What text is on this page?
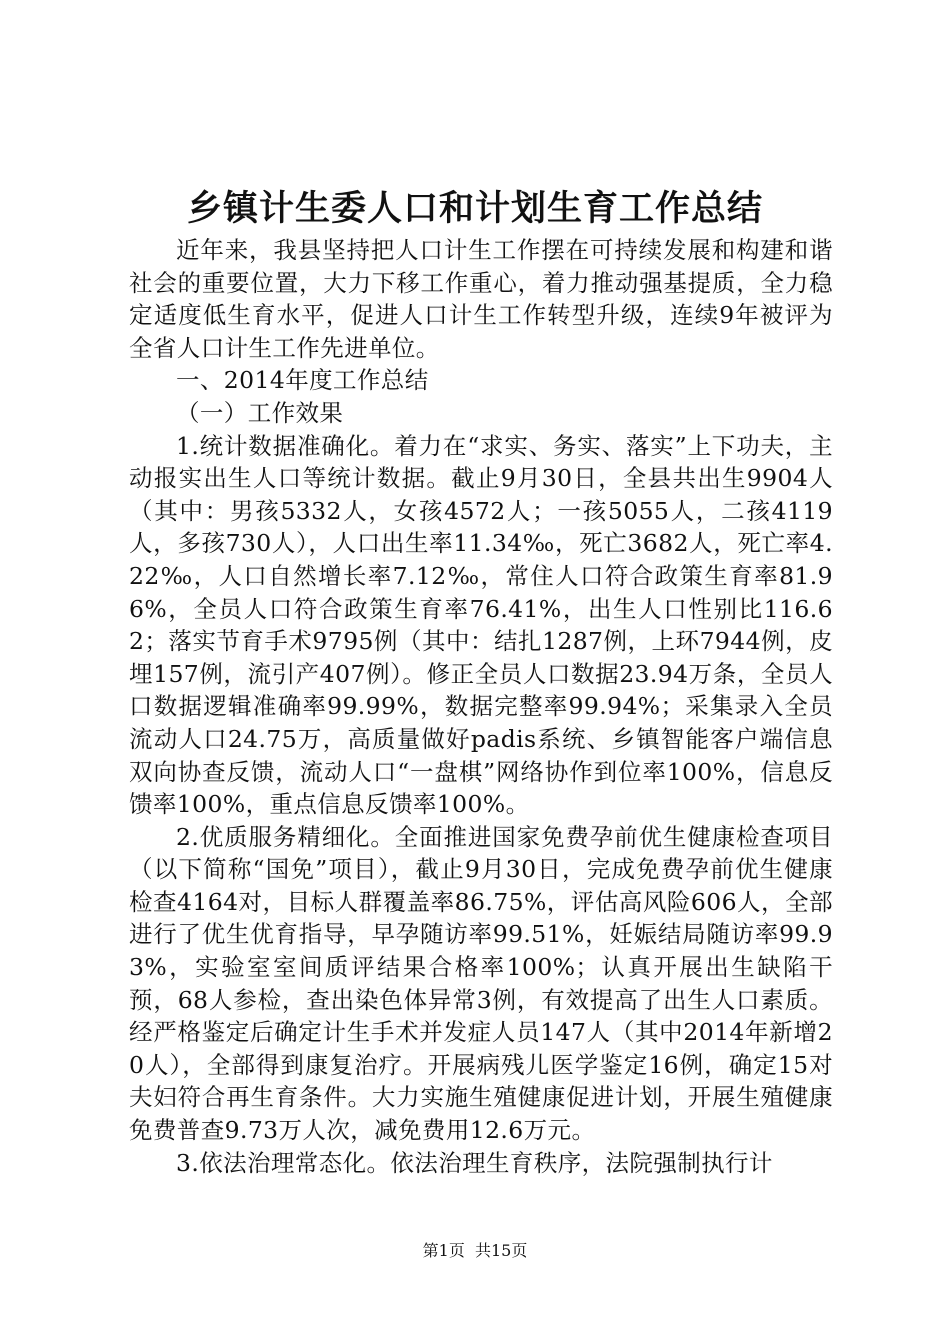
乡镇计生委人口和计划生育工作总结

近年来，我县坚持把人口计生工作摆在可持续发展和构建和谐社会的重要位置，大力下移工作重心，着力推动强基提质，全力稳定适度低生育水平，促进人口计生工作转型升级，连续9年被评为全省人口计生工作先进单位。

一、2014年度工作总结

（一）工作效果

1.统计数据准确化。着力在“求实、务实、落实”上下功夫，主动报实出生人口等统计数据。截止9月30日，全县共出生9904人（其中：男孩5332人，女孩4572人；一孩5055人，二孩4119人，多孩730人），人口出生率11.34‰，死亡3682人，死亡率4.22‰，人口自然增长率7.12‰，常住人口符合政策生育率81.96%，全员人口符合政策生育率76.41%，出生人口性别比116.62；落实节育手术9795例（其中：结扎1287例，上环7944例，皮埋157例，流引产407例）。修正全员人口数据23.94万条，全员人口数据逻辑准确率99.99%，数据完整率99.94%；采集录入全员流动人口24.75万，高质量做好padis系统、乡镇智能客户端信息双向协查反馈，流动人口“一盘棋”网络协作到位率100%，信息反馈率100%，重点信息反馈率100%。

2.优质服务精细化。全面推进国家免费孕前优生健康检查项目（以下简称“国免”项目），截止9月30日，完成免费孕前优生健康检查4164对，目标人群覆盖率86.75%，评估高风险606人，全部进行了优生优育指导，早孕随访率99.51%，妊娠结局随访率99.93%，实验室室间质评结果合格率100%；认真开展出生缺陷干预，68人参检，查出染色体异常3例，有效提高了出生人口素质。经严格鉴定后确定计生手术并发症人员147人（其中2014年新增20人），全部得到康复治疗。开展病残儿医学鉴定16例，确定15对夫妇符合再生育条件。大力实施生殖健康促进计划，开展生殖健康免费普查9.73万人次，减免费用12.6万元。

3.依法治理常态化。依法治理生育秩序，法院强制执行计

第1页  共15页
